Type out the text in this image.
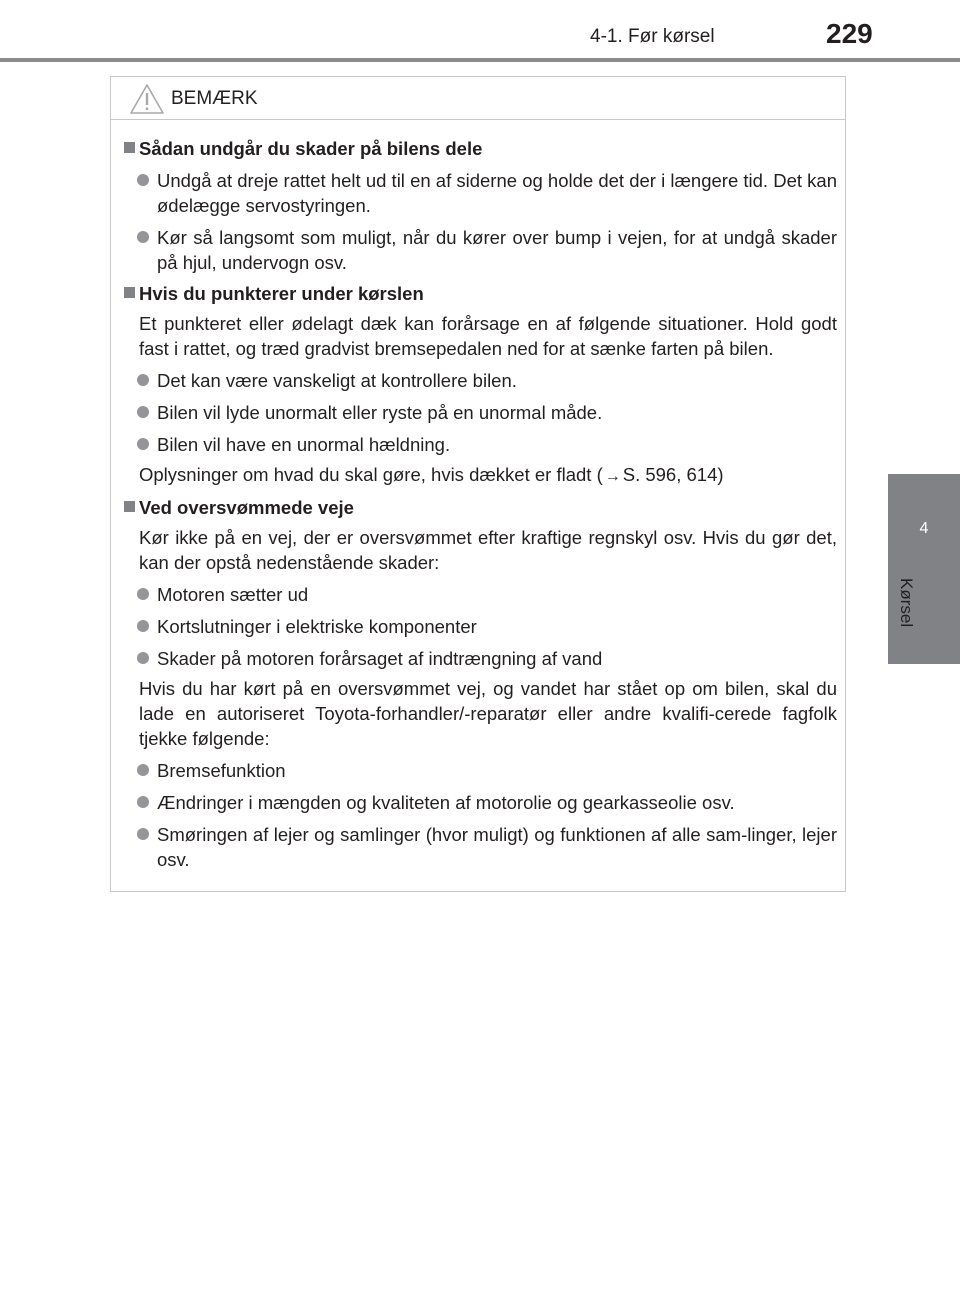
4-1. Før kørsel	229
4
Kørsel
BEMÆRK
Sådan undgår du skader på bilens dele
Undgå at dreje rattet helt ud til en af siderne og holde det der i længere tid. Det kan ødelægge servostyringen.
Kør så langsomt som muligt, når du kører over bump i vejen, for at undgå skader på hjul, undervogn osv.
Hvis du punkterer under kørslen
Et punkteret eller ødelagt dæk kan forårsage en af følgende situationer. Hold godt fast i rattet, og træd gradvist bremsepedalen ned for at sænke farten på bilen.
Det kan være vanskeligt at kontrollere bilen.
Bilen vil lyde unormalt eller ryste på en unormal måde.
Bilen vil have en unormal hældning.
Oplysninger om hvad du skal gøre, hvis dækket er fladt ( → S. 596, 614)
Ved oversvømmede veje
Kør ikke på en vej, der er oversvømmet efter kraftige regnskyl osv. Hvis du gør det, kan der opstå nedenstående skader:
Motoren sætter ud
Kortslutninger i elektriske komponenter
Skader på motoren forårsaget af indtrængning af vand
Hvis du har kørt på en oversvømmet vej, og vandet har stået op om bilen, skal du lade en autoriseret Toyota-forhandler/-reparatør eller andre kvalifi-cerede fagfolk tjekke følgende:
Bremsefunktion
Ændringer i mængden og kvaliteten af motorolie og gearkasseolie osv.
Smøringen af lejer og samlinger (hvor muligt) og funktionen af alle sam-linger, lejer osv.
